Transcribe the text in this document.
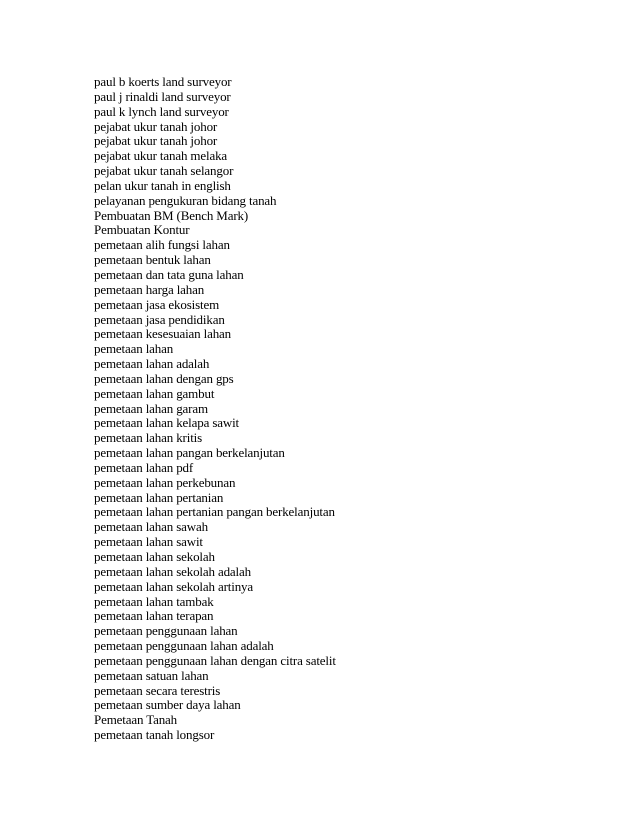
paul b koerts land surveyor
paul j rinaldi land surveyor
paul k lynch land surveyor
pejabat ukur tanah johor
pejabat ukur tanah johor
pejabat ukur tanah melaka
pejabat ukur tanah selangor
pelan ukur tanah in english
pelayanan pengukuran bidang tanah
Pembuatan BM (Bench Mark)
Pembuatan Kontur
pemetaan alih fungsi lahan
pemetaan bentuk lahan
pemetaan dan tata guna lahan
pemetaan harga lahan
pemetaan jasa ekosistem
pemetaan jasa pendidikan
pemetaan kesesuaian lahan
pemetaan lahan
pemetaan lahan adalah
pemetaan lahan dengan gps
pemetaan lahan gambut
pemetaan lahan garam
pemetaan lahan kelapa sawit
pemetaan lahan kritis
pemetaan lahan pangan berkelanjutan
pemetaan lahan pdf
pemetaan lahan perkebunan
pemetaan lahan pertanian
pemetaan lahan pertanian pangan berkelanjutan
pemetaan lahan sawah
pemetaan lahan sawit
pemetaan lahan sekolah
pemetaan lahan sekolah adalah
pemetaan lahan sekolah artinya
pemetaan lahan tambak
pemetaan lahan terapan
pemetaan penggunaan lahan
pemetaan penggunaan lahan adalah
pemetaan penggunaan lahan dengan citra satelit
pemetaan satuan lahan
pemetaan secara terestris
pemetaan sumber daya lahan
Pemetaan Tanah
pemetaan tanah longsor
